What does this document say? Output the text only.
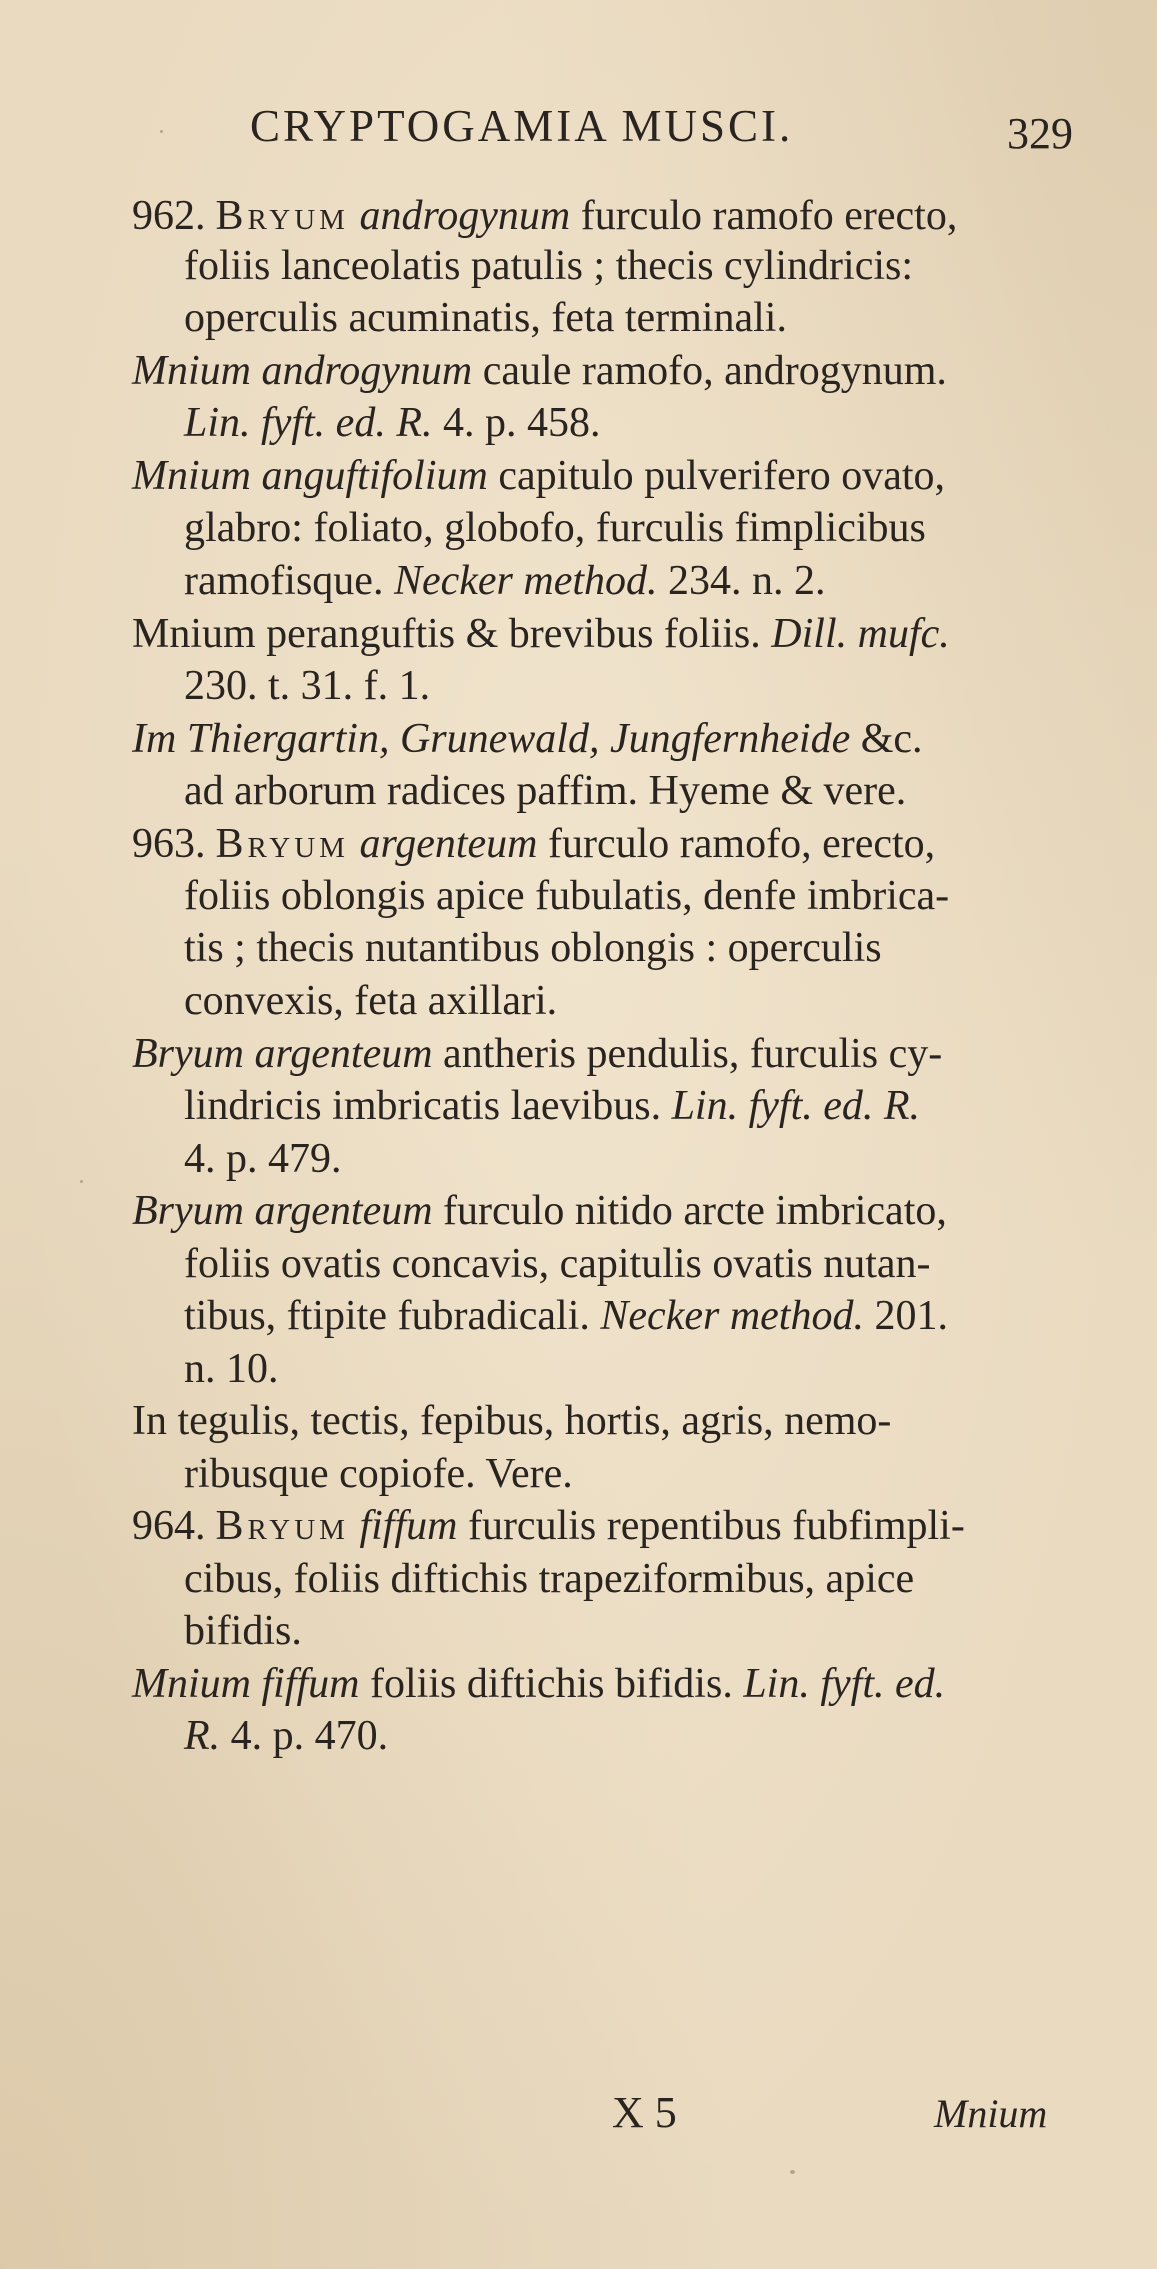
CRYPTOGAMIA MUSCI.	329
962. Bryum androgynum furculo ramofo erecto,
foliis lanceolatis patulis ; thecis cylindricis:
operculis acuminatis, feta terminali.
Mnium androgynum caule ramofo, androgynum.
Lin. fyft. ed. R. 4. p. 458.
Mnium anguftifolium capitulo pulverifero ovato,
glabro: foliato, globofo, furculis fimplicibus
ramofisque. Necker method. 234. n. 2.
Mnium peranguftis & brevibus foliis. Dill. mufc.
230. t. 31. f. 1.
Im Thiergartin, Grunewald, Jungfernheide &c.
ad arborum radices paffim. Hyeme & vere.
963. Bryum argenteum furculo ramofo, erecto,
foliis oblongis apice fubulatis, denfe imbrica-
tis ; thecis nutantibus oblongis : operculis
convexis, feta axillari.
Bryum argenteum antheris pendulis, furculis cy-
lindricis imbricatis laevibus. Lin. fyft. ed. R.
4. p. 479.
Bryum argenteum furculo nitido arcte imbricato,
foliis ovatis concavis, capitulis ovatis nutan-
tibus, ftipite fubradicali. Necker method. 201.
n. 10.
In tegulis, tectis, fepibus, hortis, agris, nemo-
ribusque copiofe. Vere.
964. Bryum fiffum furculis repentibus fubfimpli-
cibus, foliis diftichis trapeziformibus, apice
bifidis.
Mnium fiffum foliis diftichis bifidis. Lin. fyft. ed.
R. 4. p. 470.
X 5	Mnium
